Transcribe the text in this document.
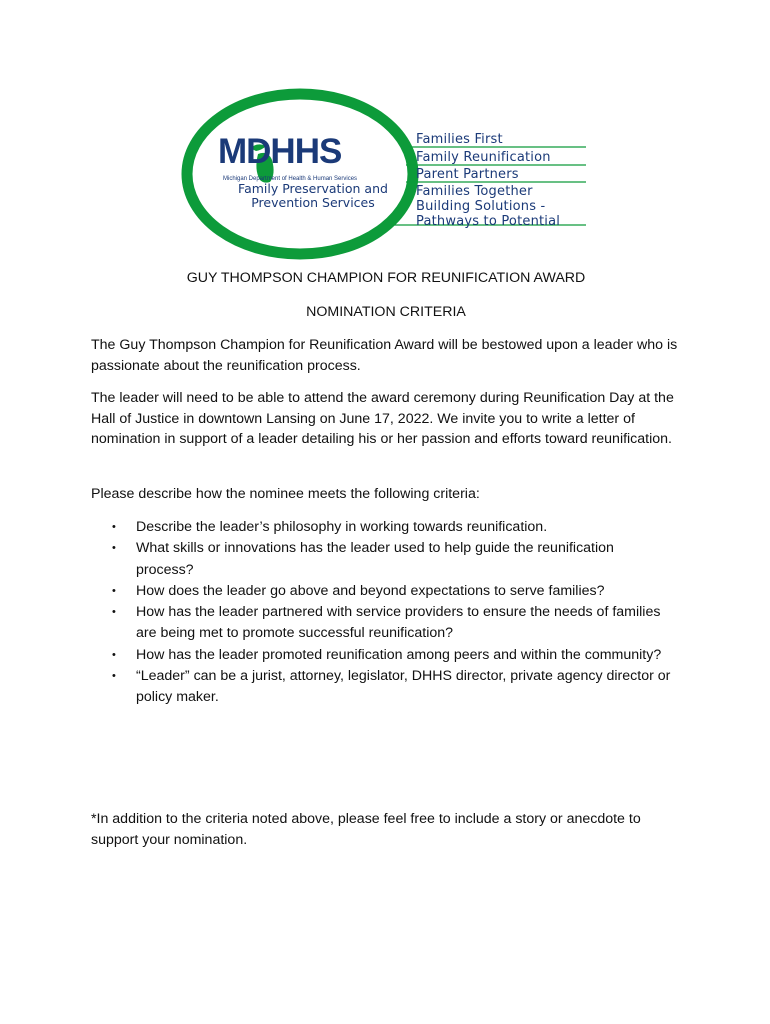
MDHHS
Michigan Department of Health & Human Services
Family Preservation and
Prevention Services
Families First
Family Reunification
Parent Partners
Families Together
Building Solutions -
Pathways to Potential
GUY THOMPSON CHAMPION FOR REUNIFICATION AWARD
NOMINATION CRITERIA
The Guy Thompson Champion for Reunification Award will be bestowed upon a leader who is passionate about the reunification process.
The leader will need to be able to attend the award ceremony during Reunification Day at the Hall of Justice in downtown Lansing on June 17, 2022. We invite you to write a letter of nomination in support of a leader detailing his or her passion and efforts toward reunification.
Please describe how the nominee meets the following criteria:
• Describe the leader’s philosophy in working towards reunification.
• What skills or innovations has the leader used to help guide the reunification process?
• How does the leader go above and beyond expectations to serve families?
• How has the leader partnered with service providers to ensure the needs of families are being met to promote successful reunification?
• How has the leader promoted reunification among peers and within the community?
• “Leader” can be a jurist, attorney, legislator, DHHS director, private agency director or policy maker.
*In addition to the criteria noted above, please feel free to include a story or anecdote to support your nomination.
